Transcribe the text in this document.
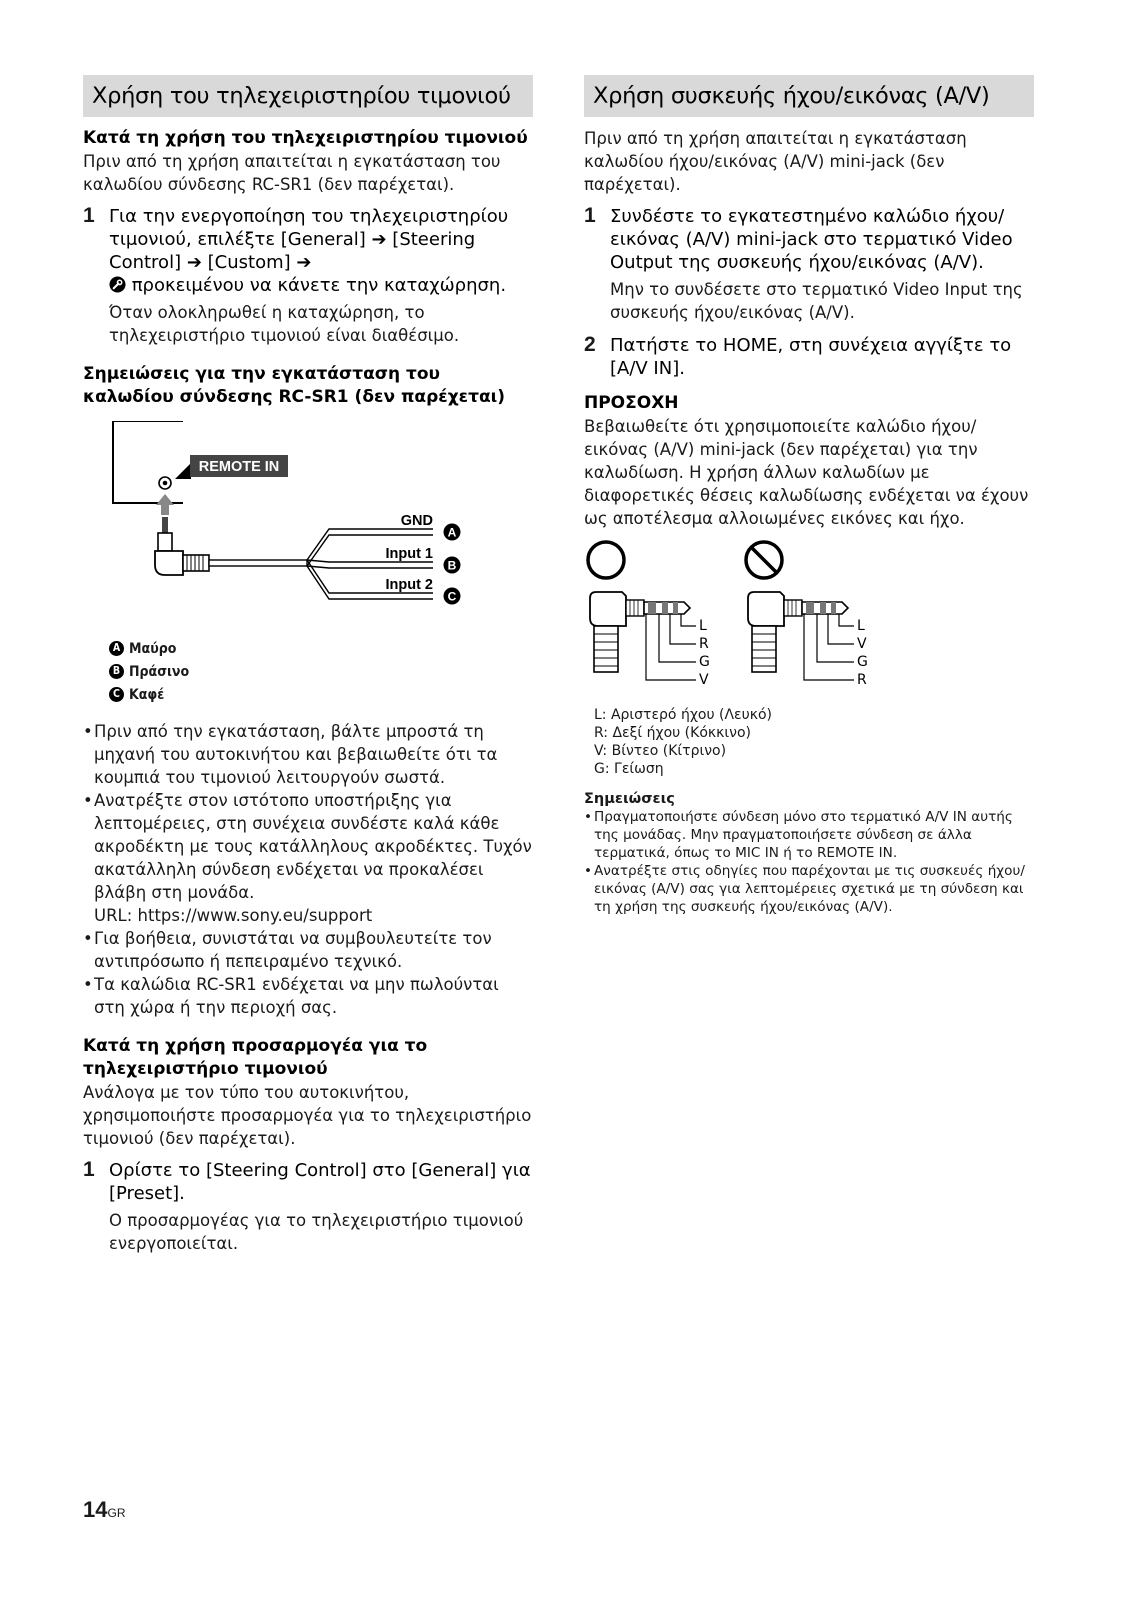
Χρήση του τηλεχειριστηρίου τιμονιού

Κατά τη χρήση του τηλεχειριστηρίου τιμονιού

Πριν από τη χρήση απαιτείται η εγκατάσταση του καλωδίου σύνδεσης RC-SR1 (δεν παρέχεται).

1 Για την ενεργοποίηση του τηλεχειριστηρίου τιμονιού, επιλέξτε [General] ➔ [Steering Control] ➔ [Custom] ➔
προκειμένου να κάνετε την καταχώρηση.

Όταν ολοκληρωθεί η καταχώρηση, το τηλεχειριστήριο τιμονιού είναι διαθέσιμο.

Σημειώσεις για την εγκατάσταση του καλωδίου σύνδεσης RC-SR1 (δεν παρέχεται)

REMOTE IN
GND
Input 1
Input 2
A
B
C
A Μαύρο
B Πράσινο
C Καφέ
• Πριν από την εγκατάσταση, βάλτε μπροστά τη μηχανή του αυτοκινήτου και βεβαιωθείτε ότι τα κουμπιά του τιμονιού λειτουργούν σωστά.
• Ανατρέξτε στον ιστότοπο υποστήριξης για λεπτομέρειες, στη συνέχεια συνδέστε καλά κάθε ακροδέκτη με τους κατάλληλους ακροδέκτες. Τυχόν ακατάλληλη σύνδεση ενδέχεται να προκαλέσει βλάβη στη μονάδα.
URL: https://www.sony.eu/support
• Για βοήθεια, συνιστάται να συμβουλευτείτε τον αντιπρόσωπο ή πεπειραμένο τεχνικό.
• Τα καλώδια RC-SR1 ενδέχεται να μην πωλούνται στη χώρα ή την περιοχή σας.

Κατά τη χρήση προσαρμογέα για το τηλεχειριστήριο τιμονιού

Ανάλογα με τον τύπο του αυτοκινήτου, χρησιμοποιήστε προσαρμογέα για το τηλεχειριστήριο τιμονιού (δεν παρέχεται).

1 Ορίστε το [Steering Control] στο [General] για [Preset].

Ο προσαρμογέας για το τηλεχειριστήριο τιμονιού ενεργοποιείται.

Χρήση συσκευής ήχου/εικόνας (A/V)

Πριν από τη χρήση απαιτείται η εγκατάσταση καλωδίου ήχου/εικόνας (A/V) mini-jack (δεν παρέχεται).

1 Συνδέστε το εγκατεστημένο καλώδιο ήχου/εικόνας (A/V) mini-jack στο τερματικό Video Output της συσκευής ήχου/εικόνας (A/V).

Μην το συνδέσετε στο τερματικό Video Input της συσκευής ήχου/εικόνας (A/V).

2 Πατήστε το HOME, στη συνέχεια αγγίξτε το [A/V IN].

ΠΡΟΣΟΧΗ

Βεβαιωθείτε ότι χρησιμοποιείτε καλώδιο ήχου/εικόνας (A/V) mini-jack (δεν παρέχεται) για την καλωδίωση. Η χρήση άλλων καλωδίων με διαφορετικές θέσεις καλωδίωσης ενδέχεται να έχουν ως αποτέλεσμα αλλοιωμένες εικόνες και ήχο.

L
R
G
V
L
V
G
R

L: Αριστερό ήχου (Λευκό)

R: Δεξί ήχου (Κόκκινο)

V: Βίντεο (Κίτρινο)

G: Γείωση

Σημειώσεις

• Πραγματοποιήστε σύνδεση μόνο στο τερματικό A/V IN αυτής της μονάδας. Μην πραγματοποιήσετε σύνδεση σε άλλα τερματικά, όπως το MIC IN ή το REMOTE IN.
• Ανατρέξτε στις οδηγίες που παρέχονται με τις συσκευές ήχου/εικόνας (A/V) σας για λεπτομέρειες σχετικά με τη σύνδεση και τη χρήση της συσκευής ήχου/εικόνας (A/V).
14GR
